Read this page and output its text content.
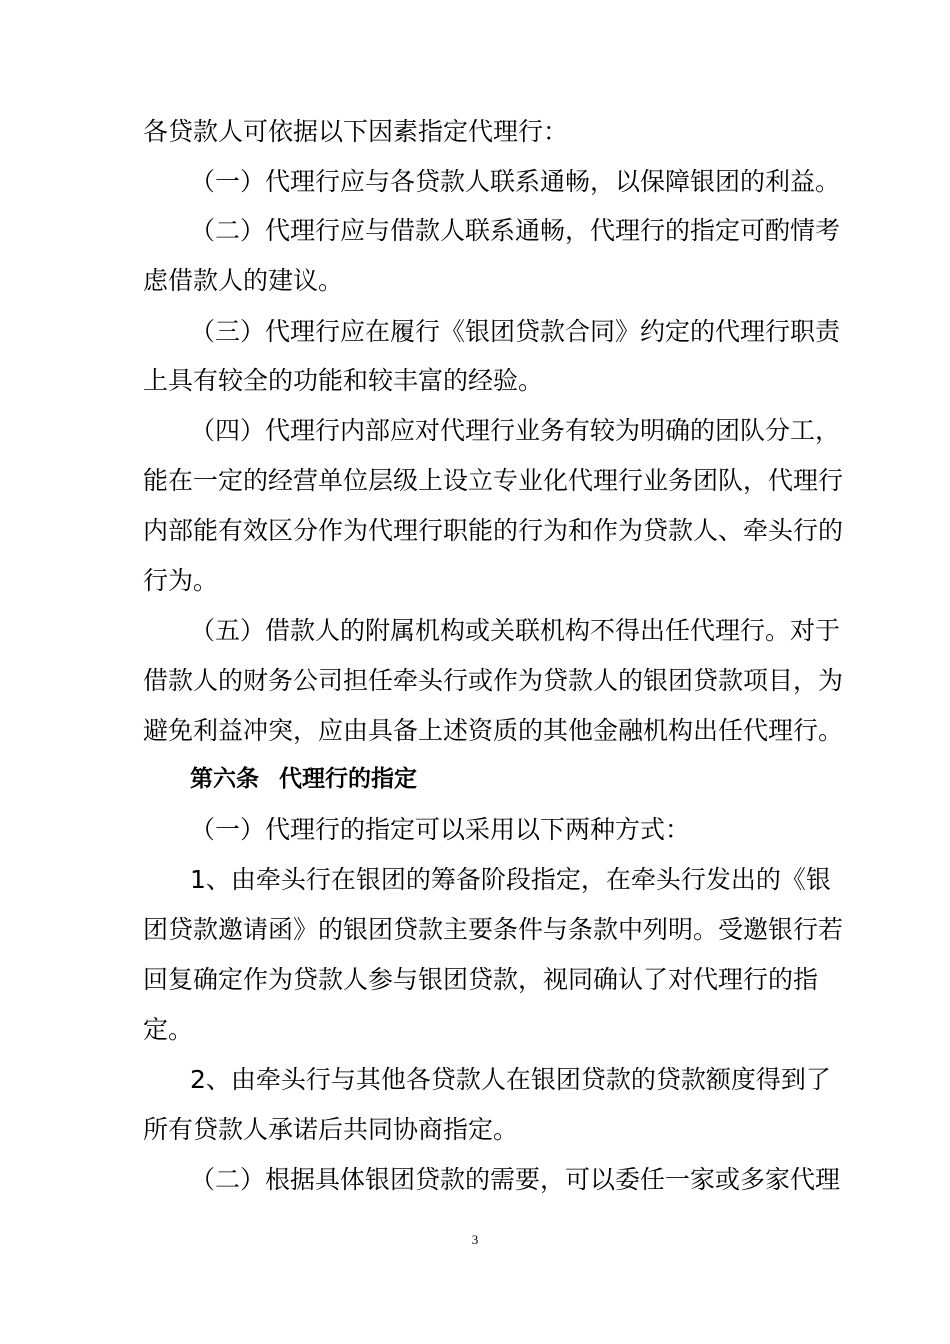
各贷款人可依据以下因素指定代理行：
（一）代理行应与各贷款人联系通畅，以保障银团的利益。
（二）代理行应与借款人联系通畅，代理行的指定可酌情考
虑借款人的建议。
（三）代理行应在履行《银团贷款合同》约定的代理行职责
上具有较全的功能和较丰富的经验。
（四）代理行内部应对代理行业务有较为明确的团队分工，
能在一定的经营单位层级上设立专业化代理行业务团队，代理行
内部能有效区分作为代理行职能的行为和作为贷款人、牵头行的
行为。
（五）借款人的附属机构或关联机构不得出任代理行。对于
借款人的财务公司担任牵头行或作为贷款人的银团贷款项目，为
避免利益冲突，应由具备上述资质的其他金融机构出任代理行。
第六条 代理行的指定
（一）代理行的指定可以采用以下两种方式：
1、由牵头行在银团的筹备阶段指定，在牵头行发出的《银
团贷款邀请函》的银团贷款主要条件与条款中列明。受邀银行若
回复确定作为贷款人参与银团贷款，视同确认了对代理行的指
定。
2、由牵头行与其他各贷款人在银团贷款的贷款额度得到了
所有贷款人承诺后共同协商指定。
（二）根据具体银团贷款的需要，可以委任一家或多家代理
3
